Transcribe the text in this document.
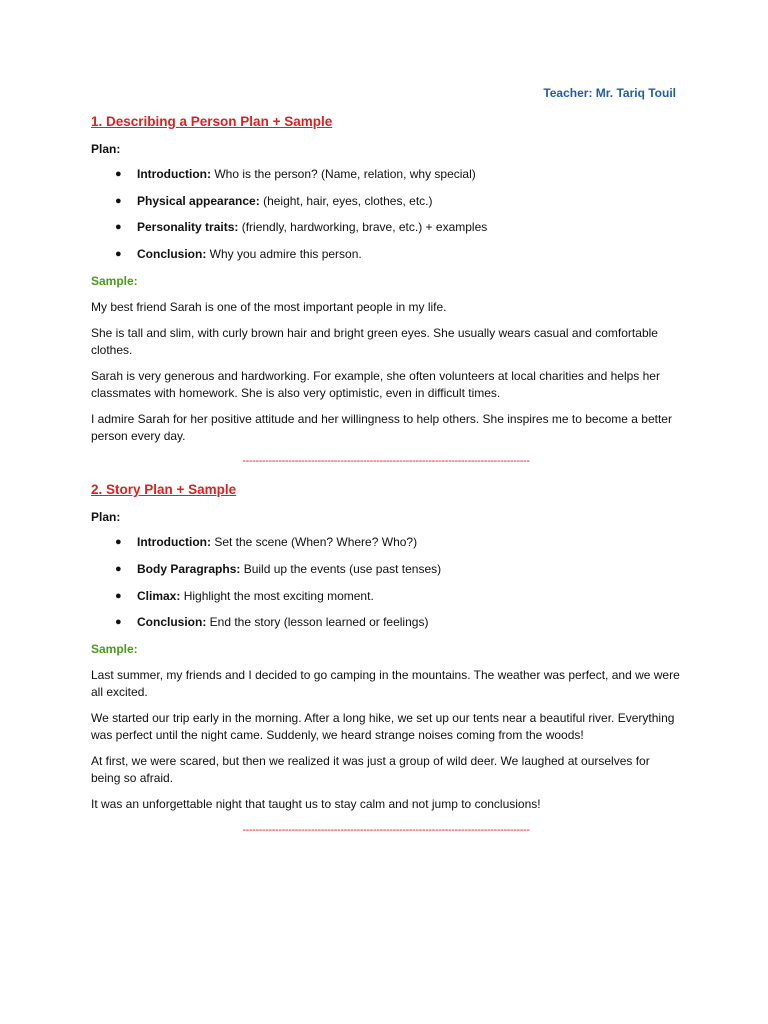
Teacher: Mr. Tariq Touil
1. Describing a Person Plan + Sample
Plan:
● Introduction: Who is the person? (Name, relation, why special)
● Physical appearance: (height, hair, eyes, clothes, etc.)
● Personality traits: (friendly, hardworking, brave, etc.) + examples
● Conclusion: Why you admire this person.
Sample:

My best friend Sarah is one of the most important people in my life.

She is tall and slim, with curly brown hair and bright green eyes. She usually wears casual and comfortable clothes.

Sarah is very generous and hardworking. For example, she often volunteers at local charities and helps her classmates with homework. She is also very optimistic, even in difficult times.

I admire Sarah for her positive attitude and her willingness to help others. She inspires me to become a better person every day.

----------------------------------------------------------------------------------------
2. Story Plan + Sample
Plan:
● Introduction: Set the scene (When? Where? Who?)
● Body Paragraphs: Build up the events (use past tenses)
● Climax: Highlight the most exciting moment.
● Conclusion: End the story (lesson learned or feelings)
Sample:

Last summer, my friends and I decided to go camping in the mountains. The weather was perfect, and we were all excited.

We started our trip early in the morning. After a long hike, we set up our tents near a beautiful river. Everything was perfect until the night came. Suddenly, we heard strange noises coming from the woods!

At first, we were scared, but then we realized it was just a group of wild deer. We laughed at ourselves for being so afraid.

It was an unforgettable night that taught us to stay calm and not jump to conclusions!

----------------------------------------------------------------------------------------
